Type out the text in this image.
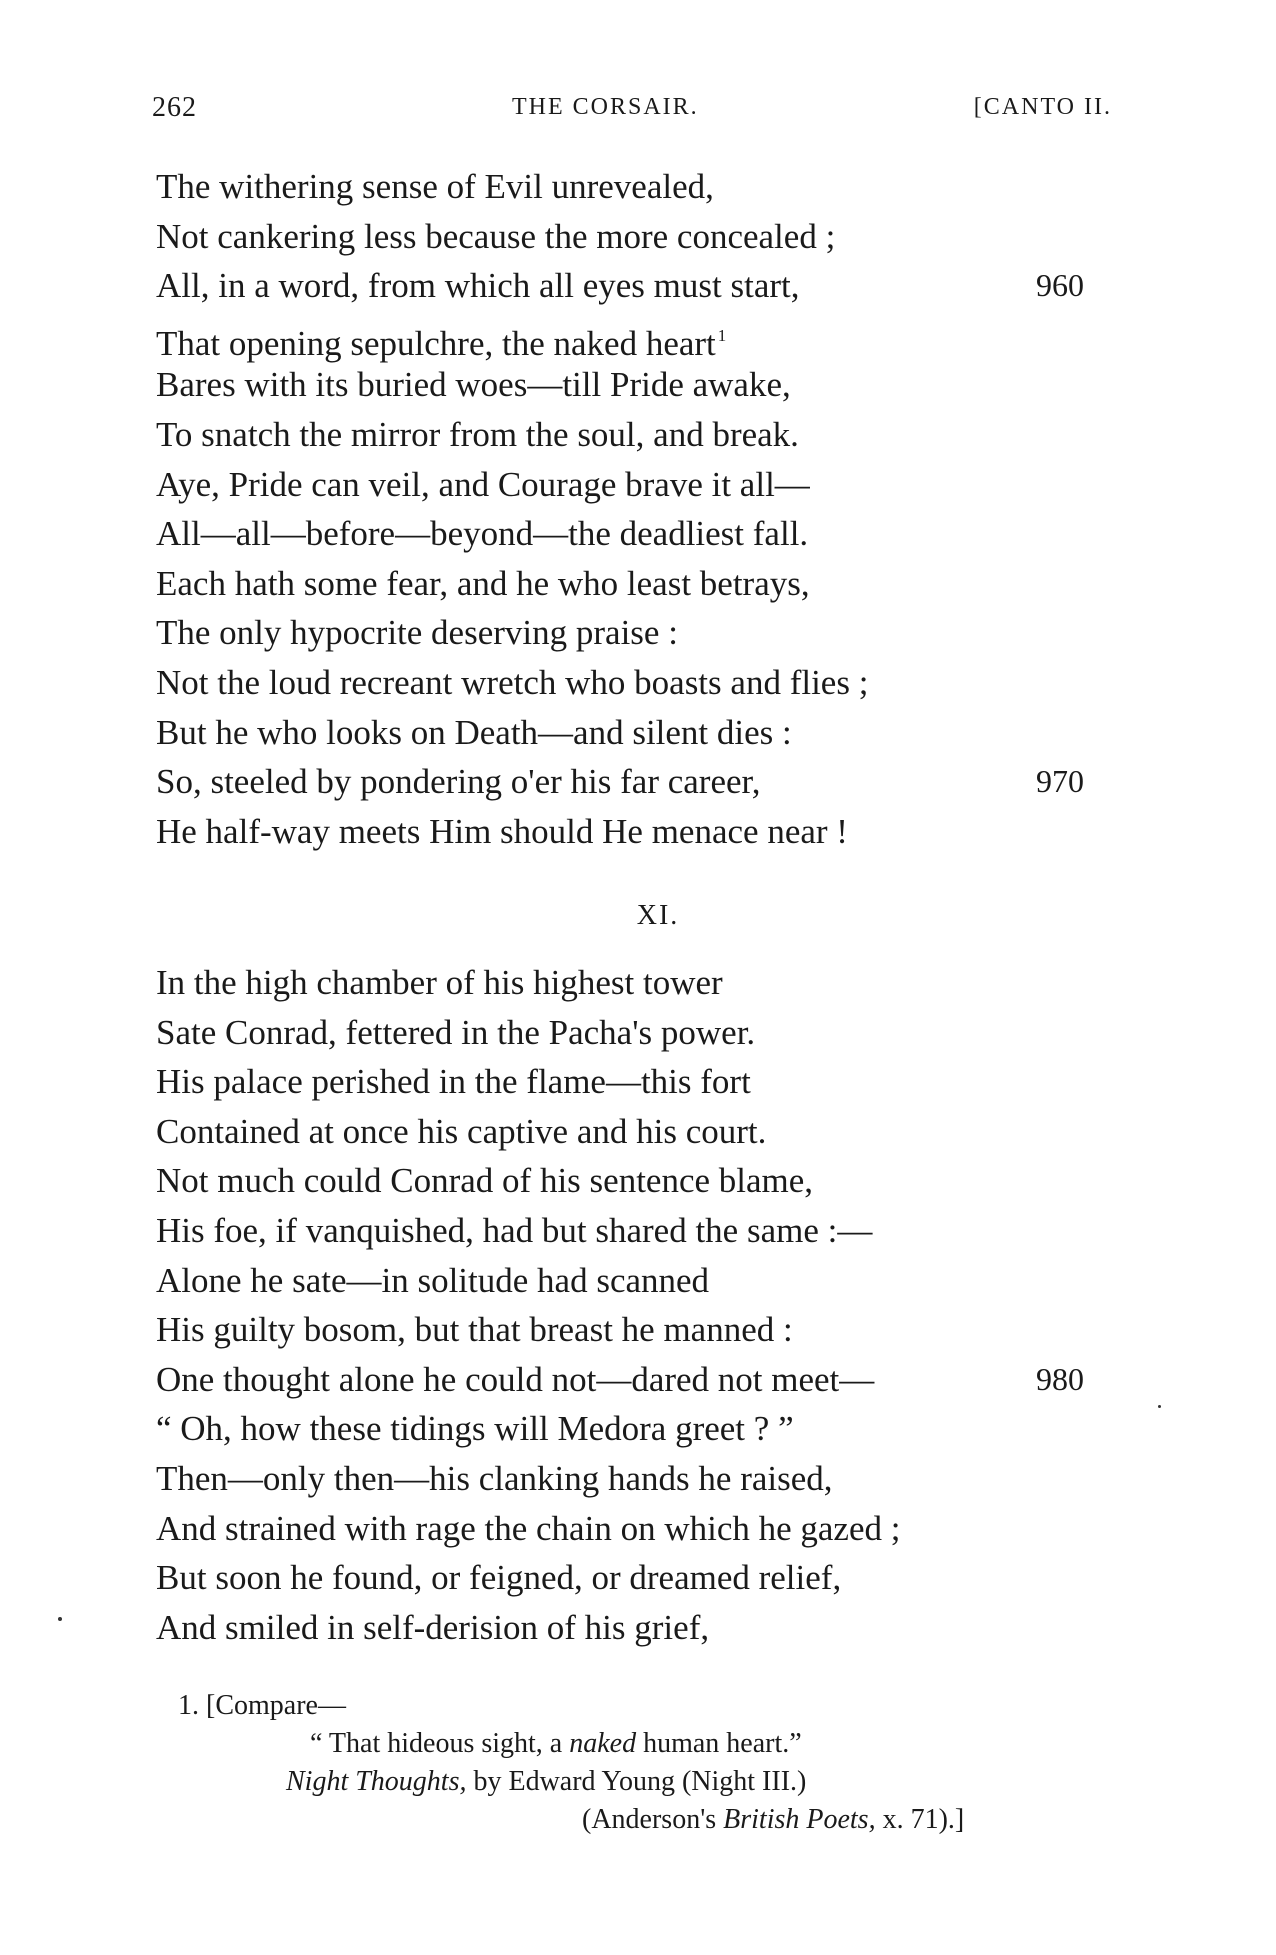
262	THE CORSAIR.	[CANTO II.
The withering sense of Evil unrevealed,
Not cankering less because the more concealed ;
All, in a word, from which all eyes must start,	960
That opening sepulchre, the naked heart $^1$
Bares with its buried woes—till Pride awake,
To snatch the mirror from the soul, and break.
Aye, Pride can veil, and Courage brave it all—
All—all—before—beyond—the deadliest fall.
Each hath some fear, and he who least betrays,
The only hypocrite deserving praise :
Not the loud recreant wretch who boasts and flies ;
But he who looks on Death—and silent dies :
So, steeled by pondering o'er his far career,	970
He half-way meets Him should He menace near !
XI.
In the high chamber of his highest tower
Sate Conrad, fettered in the Pacha's power.
His palace perished in the flame—this fort
Contained at once his captive and his court.
Not much could Conrad of his sentence blame,
His foe, if vanquished, had but shared the same :—
Alone he sate—in solitude had scanned
His guilty bosom, but that breast he manned :
One thought alone he could not—dared not meet—	980
“ Oh, how these tidings will Medora greet ? ”
Then—only then—his clanking hands he raised,
And strained with rage the chain on which he gazed ;
But soon he found, or feigned, or dreamed relief,
And smiled in self-derision of his grief,
1. [Compare—
“ That hideous sight, a naked human heart.”
Night Thoughts, by Edward Young (Night III.)
(Anderson's British Poets, x. 71).]
